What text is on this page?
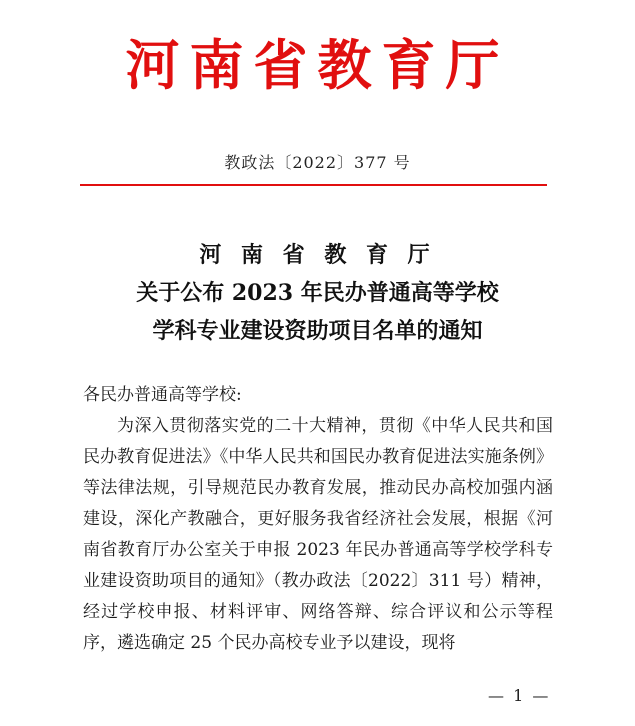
河南省教育厅
教政法〔2022〕377 号
河 南 省 教 育 厅
关于公布 2023 年民办普通高等学校
学科专业建设资助项目名单的通知
各民办普通高等学校:

为深入贯彻落实党的二十大精神，贯彻《中华人民共和国民办教育促进法》《中华人民共和国民办教育促进法实施条例》等法律法规，引导规范民办教育发展，推动民办高校加强内涵建设，深化产教融合，更好服务我省经济社会发展，根据《河南省教育厅办公室关于申报 2023 年民办普通高等学校学科专业建设资助项目的通知》（教办政法〔2022〕311 号）精神，经过学校申报、材料评审、网络答辩、综合评议和公示等程序，遴选确定 25 个民办高校专业予以建设，现将

— 1 —
